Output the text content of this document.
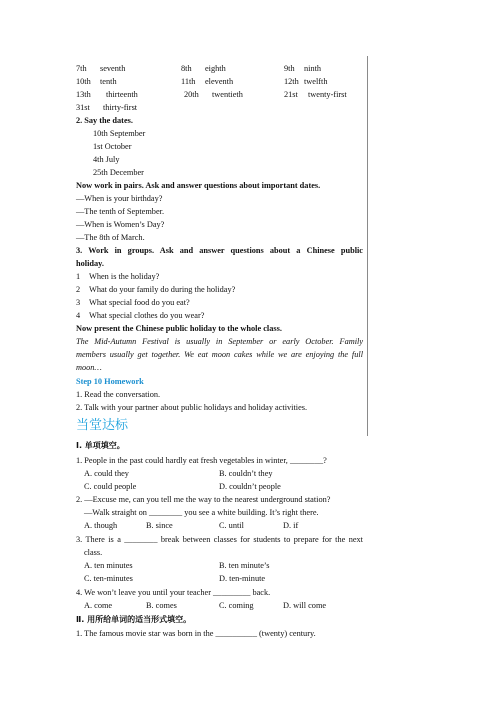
7th seventh	8th eighth	9th ninth
10th tenth	11th eleventh	12th twelfth
13th thirteenth	20th twentieth	21st twenty-first
31st thirty-first
2. Say the dates.
10th September
1st October
4th July
25th December
Now work in pairs. Ask and answer questions about important dates.
—When is your birthday?
—The tenth of September.
—When is Women’s Day?
—The 8th of March.
3. Work in groups. Ask and answer questions about a Chinese public
holiday.
1 When is the holiday?
2 What do your family do during the holiday?
3 What special food do you eat?
4 What special clothes do you wear?
Now present the Chinese public holiday to the whole class.
The Mid-Autumn Festival is usually in September or early October. Family
members usually get together. We eat moon cakes while we are enjoying the full
moon…
Step 10 Homework
1. Read the conversation.
2. Talk with your partner about public holidays and holiday activities.
当堂达标
Ⅰ. 单项填空。
1. People in the past could hardly eat fresh vegetables in winter, ________?
A. could they	B. couldn’t they
C. could people	D. couldn’t people
2. —Excuse me, can you tell me the way to the nearest underground station?
—Walk straight on ________ you see a white building. It’s right there.
A. though	B. since	C. until	D. if
3. There is a ________ break between classes for students to prepare for the next
class.
A. ten minutes	B. ten minute’s
C. ten-minutes	D. ten-minute
4. We won’t leave you until your teacher _________ back.
A. come	B. comes	C. coming	D. will come
Ⅱ. 用所给单词的适当形式填空。
1. The famous movie star was born in the __________ (twenty) century.
